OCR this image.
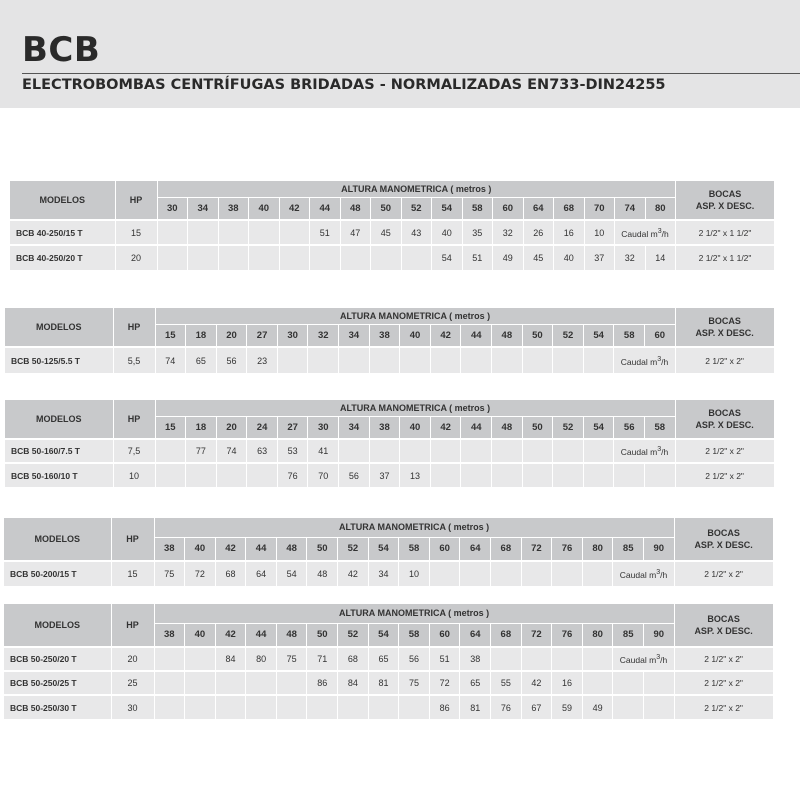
BCB
ELECTROBOMBAS CENTRÍFUGAS BRIDADAS - NORMALIZADAS EN733-DIN24255
MODELOS	HP	ALTURA MANOMETRICA ( metros )																	BOCAS
ASP. X DESC.

		30	34	38	40	42	44	48	50	52	54	58	60	64	68	70	74	80	
BCB 40-250/15 T	15						51	47	45	43	40	35	32	26	16	10	Caudal $m^3/h$		2 1/2" x 1 1/2"
BCB 40-250/20 T	20										54	51	49	45	40	37	32	14	2 1/2" x 1 1/2"
MODELOS	HP	ALTURA MANOMETRICA ( metros )																	BOCAS
ASP. X DESC.

		15	18	20	27	30	32	34	38	40	42	44	48	50	52	54	58	60	
BCB 50-125/5.5 T	5,5	74	65	56	23												Caudal $m^3/h$		2 1/2" x 2"
MODELOS	HP	ALTURA MANOMETRICA ( metros )																	BOCAS
ASP. X DESC.

		15	18	20	24	27	30	34	38	40	42	44	48	50	52	54	56	58	
BCB 50-160/7.5 T	7,5		77	74	63	53	41										Caudal $m^3/h$		2 1/2" x 2"
BCB 50-160/10 T	10					76	70	56	37	13									2 1/2" x 2"
MODELOS	HP	ALTURA MANOMETRICA ( metros )																	BOCAS
ASP. X DESC.

		38	40	42	44	48	50	52	54	58	60	64	68	72	76	80	85	90	
BCB 50-200/15 T	15	75	72	68	64	54	48	42	34	10							Caudal $m^3/h$		2 1/2" x 2"
MODELOS	HP	ALTURA MANOMETRICA ( metros )																	BOCAS
ASP. X DESC.

		38	40	42	44	48	50	52	54	58	60	64	68	72	76	80	85	90	
BCB 50-250/20 T	20			84	80	75	71	68	65	56	51	38					Caudal $m^3/h$		2 1/2" x 2"
BCB 50-250/25 T	25						86	84	81	75	72	65	55	42	16				2 1/2" x 2"
BCB 50-250/30 T	30										86	81	76	67	59	49			2 1/2" x 2"
